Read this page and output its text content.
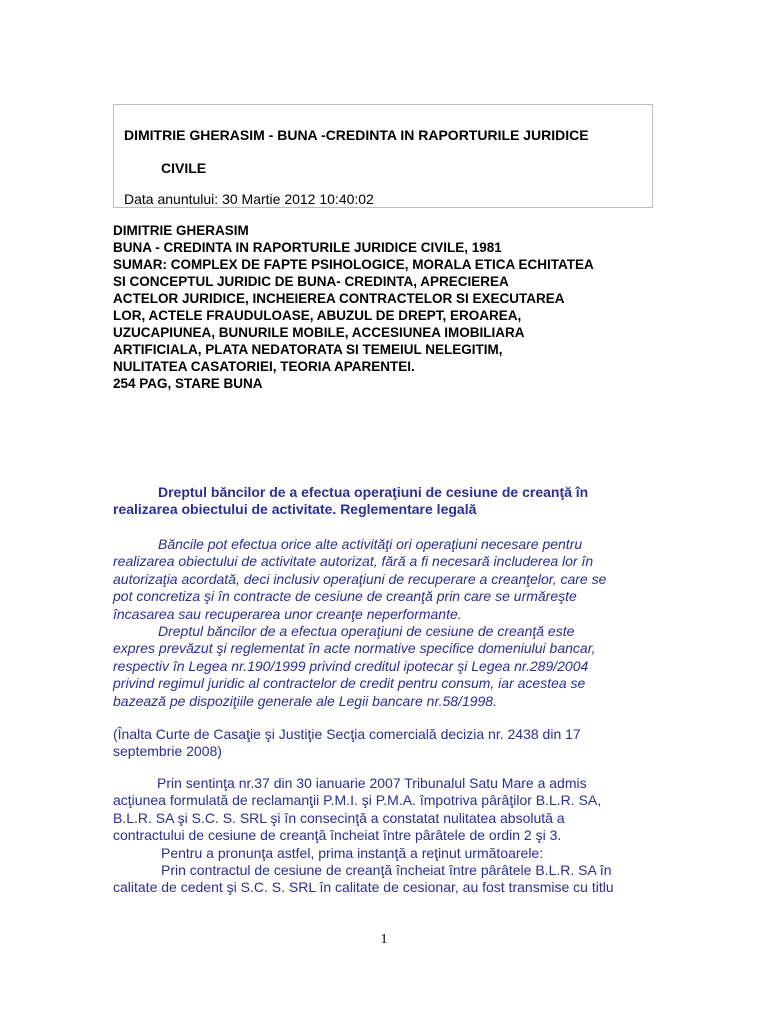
DIMITRIE GHERASIM - BUNA -CREDINTA IN RAPORTURILE JURIDICE
CIVILE
Data anuntului: 30 Martie 2012 10:40:02
DIMITRIE GHERASIM
BUNA - CREDINTA IN RAPORTURILE JURIDICE CIVILE, 1981
SUMAR: COMPLEX DE FAPTE PSIHOLOGICE, MORALA ETICA ECHITATEA
SI CONCEPTUL JURIDIC DE BUNA- CREDINTA, APRECIEREA
ACTELOR JURIDICE, INCHEIEREA CONTRACTELOR SI EXECUTAREA
LOR, ACTELE FRAUDULOASE, ABUZUL DE DREPT, EROAREA,
UZUCAPIUNEA, BUNURILE MOBILE, ACCESIUNEA IMOBILIARA
ARTIFICIALA, PLATA NEDATORATA SI TEMEIUL NELEGITIM,
NULITATEA CASATORIEI, TEORIA APARENTEI.
254 PAG, STARE BUNA
Dreptul băncilor de a efectua operaţiuni de cesiune de creanţă în
realizarea obiectului de activitate. Reglementare legală
Băncile pot efectua orice alte activităţi ori operaţiuni necesare pentru
realizarea obiectului de activitate autorizat, fără a fi necesară includerea lor în
autorizaţia acordată, deci inclusiv operaţiuni de recuperare a creanţelor, care se
pot concretiza şi în contracte de cesiune de creanţă prin care se urmăreşte
încasarea sau recuperarea unor creanţe neperformante.
Dreptul băncilor de a efectua operaţiuni de cesiune de creanţă este
expres prevăzut şi reglementat în acte normative specifice domeniului bancar,
respectiv în Legea nr.190/1999 privind creditul ipotecar şi Legea nr.289/2004
privind regimul juridic al contractelor de credit pentru consum, iar acestea se
bazează pe dispoziţiile generale ale Legii bancare nr.58/1998.
(Înalta Curte de Casaţie şi Justiţie Secţia comercială decizia nr. 2438 din 17
septembrie 2008)
Prin sentinţa nr.37 din 30 ianuarie 2007 Tribunalul Satu Mare a admis
acţiunea formulată de reclamanţii P.M.I. şi P.M.A. împotriva pârâţilor B.L.R. SA,
B.L.R. SA şi S.C. S. SRL şi în consecinţă a constatat nulitatea absolută a
contractului de cesiune de creanţă încheiat între pârâtele de ordin 2 şi 3.
Pentru a pronunţa astfel, prima instanţă a reţinut următoarele:
Prin contractul de cesiune de creanţă încheiat între pârâtele B.L.R. SA în
calitate de cedent şi S.C. S. SRL în calitate de cesionar, au fost transmise cu titlu
1
